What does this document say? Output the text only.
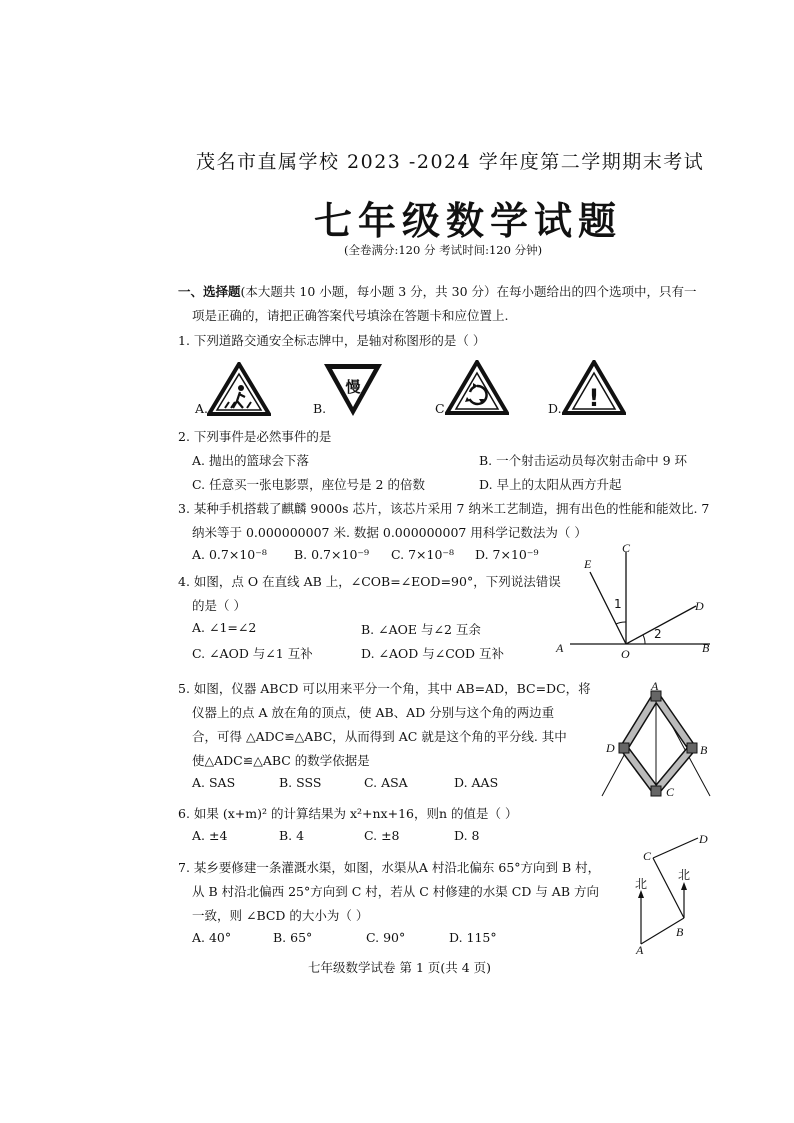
茂名市直属学校 2023 -2024 学年度第二学期期末考试
七年级数学试题
(全卷满分:120 分 考试时间:120 分钟)
一、选择题(本大题共 10 小题，每小题 3 分，共 30 分）在每小题给出的四个选项中，只有一
项是正确的，请把正确答案代号填涂在答题卡和应位置上.
1. 下列道路交通安全标志牌中，是轴对称图形的是（ ）
A.	B.	C.	D.
慢	!
2. 下列事件是必然事件的是
A. 抛出的篮球会下落	B. 一个射击运动员每次射击命中 9 环
C. 任意买一张电影票，座位号是 2 的倍数	D. 早上的太阳从西方升起
3. 某种手机搭载了麒麟 9000s 芯片，该芯片采用 7 纳米工艺制造，拥有出色的性能和能效比. 7
纳米等于 0.000000007 米. 数据 0.000000007 用科学记数法为（ ）
A. 0.7×10⁻⁸ B. 0.7×10⁻⁹ C. 7×10⁻⁸ D. 7×10⁻⁹
4. 如图，点 O 在直线 AB 上，∠COB=∠EOD=90°，下列说法错误
的是（ ）
A. ∠1=∠2	B. ∠AOE 与∠2 互余
C. ∠AOD 与∠1 互补	D. ∠AOD 与∠COD 互补
E
C
D
A	O	B
1
2
5. 如图，仪器 ABCD 可以用来平分一个角，其中 AB=AD，BC=DC，将
仪器上的点 A 放在角的顶点，使 AB、AD 分别与这个角的两边重
合，可得 △ADC≌△ABC，从而得到 AC 就是这个角的平分线. 其中
使△ADC≌△ABC 的数学依据是
A. SAS	B. SSS	C. ASA	D. AAS
A
B
C
D
6. 如果 (x+m)² 的计算结果为 x²+nx+16，则n 的值是（ ）
A. ±4	B. 4	C. ±8	D. 8
7. 某乡要修建一条灌溉水渠，如图，水渠从A 村沿北偏东 65°方向到 B 村，
从 B 村沿北偏西 25°方向到 C 村，若从 C 村修建的水渠 CD 与 AB 方向
一致，则 ∠BCD 的大小为（ ）
A. 40°	B. 65°	C. 90°	D. 115°
A
B
C
D
北
北
七年级数学试卷 第 1 页(共 4 页)
